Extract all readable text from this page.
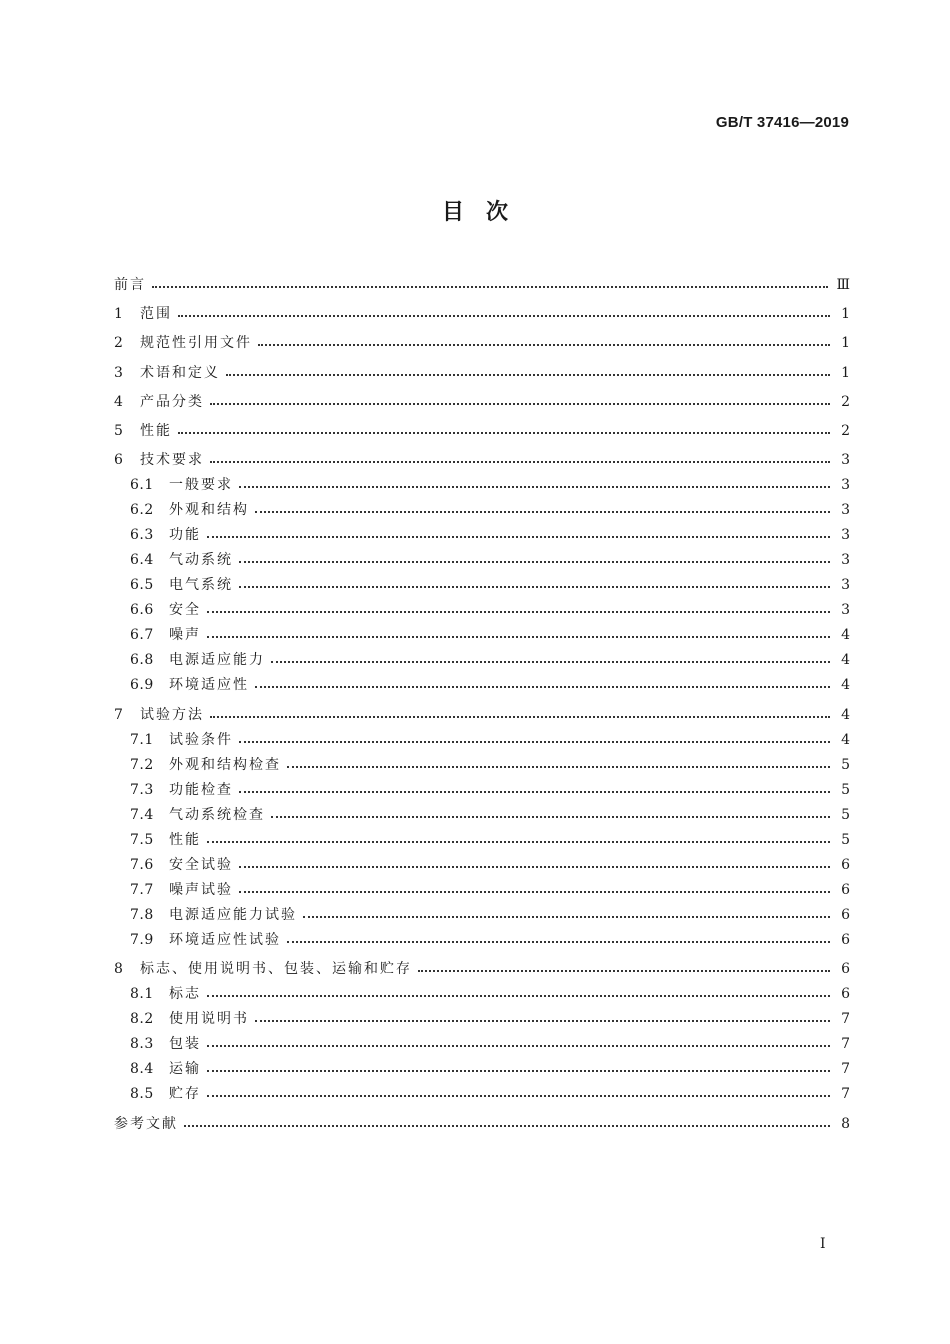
GB/T 37416—2019
目　次
前言	Ⅲ
1	范围	1
2	规范性引用文件	1
3	术语和定义	1
4	产品分类	2
5	性能	2
6	技术要求	3
6.1	一般要求	3
6.2	外观和结构	3
6.3	功能	3
6.4	气动系统	3
6.5	电气系统	3
6.6	安全	3
6.7	噪声	4
6.8	电源适应能力	4
6.9	环境适应性	4
7	试验方法	4
7.1	试验条件	4
7.2	外观和结构检查	5
7.3	功能检查	5
7.4	气动系统检查	5
7.5	性能	5
7.6	安全试验	6
7.7	噪声试验	6
7.8	电源适应能力试验	6
7.9	环境适应性试验	6
8	标志、使用说明书、包装、运输和贮存	6
8.1	标志	6
8.2	使用说明书	7
8.3	包装	7
8.4	运输	7
8.5	贮存	7
参考文献	8
Ⅰ
